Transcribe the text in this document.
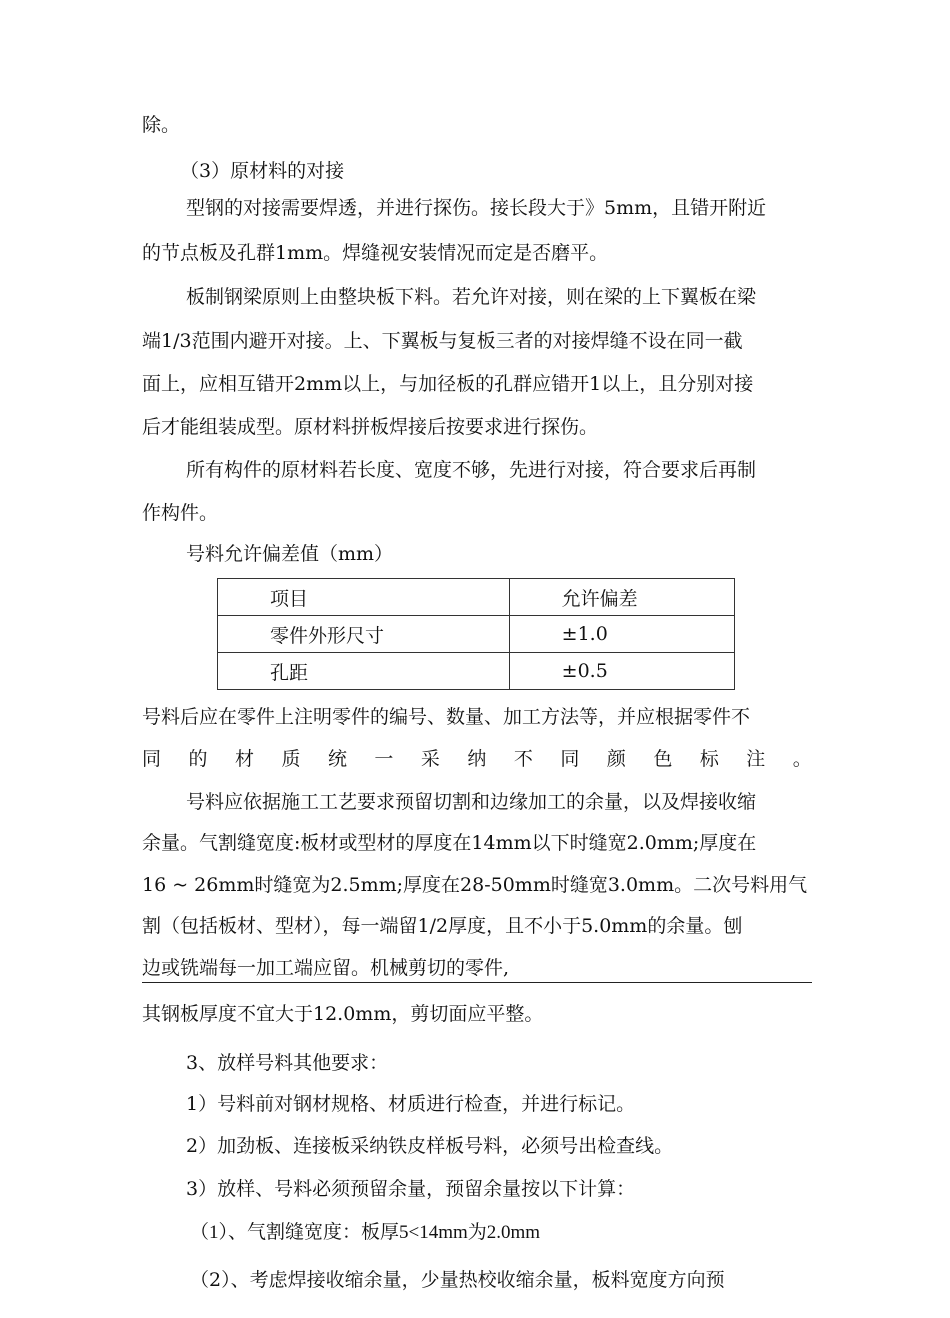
除。
（3）原材料的对接
型钢的对接需要焊透，并进行探伤。接长段大于》5mm，且错开附近
的节点板及孔群1mm。焊缝视安装情况而定是否磨平。
板制钢梁原则上由整块板下料。若允许对接，则在梁的上下翼板在梁
端1/3范围内避开对接。上、下翼板与复板三者的对接焊缝不设在同一截
面上，应相互错开2mm以上，与加径板的孔群应错开1以上，且分别对接
后才能组装成型。原材料拼板焊接后按要求进行探伤。
所有构件的原材料若长度、宽度不够，先进行对接，符合要求后再制
作构件。
号料允许偏差值（mm）
项目	允许偏差
零件外形尺寸	±1.0
孔距	±0.5
号料后应在零件上注明零件的编号、数量、加工方法等，并应根据零件不
同 的 材 质 统 一 采 纳 不 同 颜 色 标 注 。
号料应依据施工工艺要求预留切割和边缘加工的余量，以及焊接收缩
余量。气割缝宽度:板材或型材的厚度在14mm以下时缝宽2.0mm;厚度在
16 ~ 26mm时缝宽为2.5mm;厚度在28-50mm时缝宽3.0mm。二次号料用气
割（包括板材、型材），每一端留1/2厚度，且不小于5.0mm的余量。刨
边或铣端每一加工端应留。机械剪切的零件,
其钢板厚度不宜大于12.0mm，剪切面应平整。
3、放样号料其他要求：
1）号料前对钢材规格、材质进行检查，并进行标记。
2）加劲板、连接板采纳铁皮样板号料，必须号出检查线。
3）放样、号料必须预留余量，预留余量按以下计算：
（1）、气割缝宽度：板厚5<14mm为2.0mm
（2）、考虑焊接收缩余量，少量热校收缩余量，板料宽度方向预
